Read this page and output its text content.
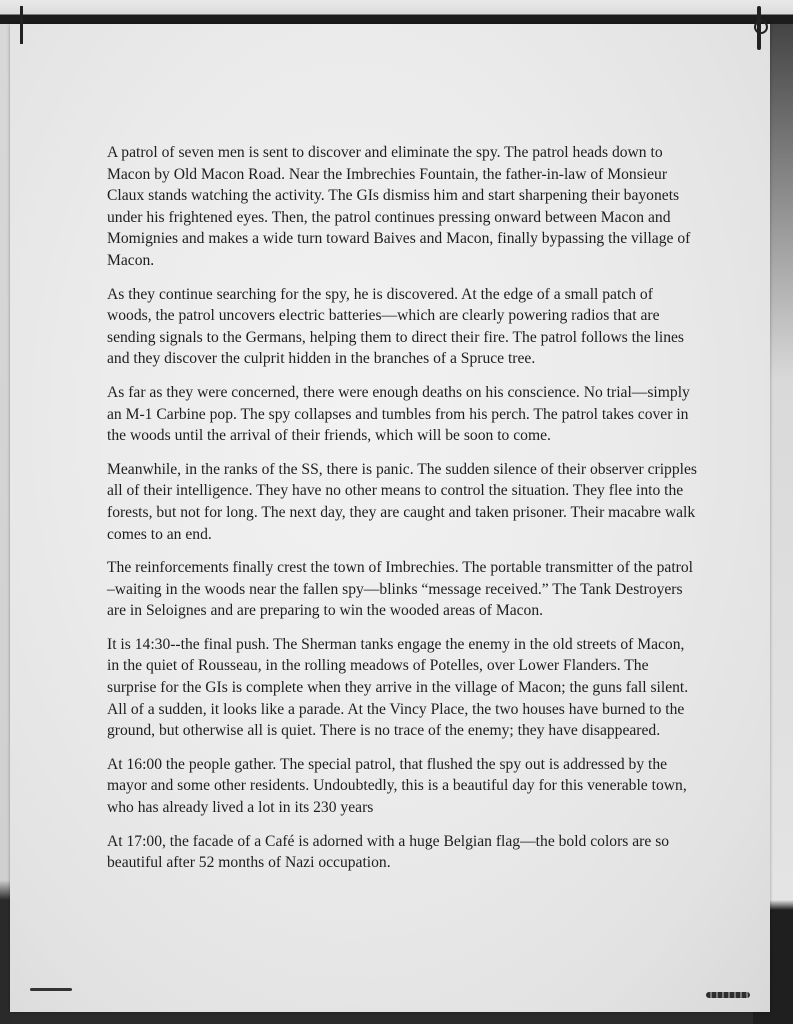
A patrol of seven men is sent to discover and eliminate the spy. The patrol heads down to Macon by Old Macon Road. Near the Imbrechies Fountain, the father-in-law of Monsieur Claux stands watching the activity. The GIs dismiss him and start sharpening their bayonets under his frightened eyes. Then, the patrol continues pressing onward between Macon and Momignies and makes a wide turn toward Baives and Macon, finally bypassing the village of Macon.

As they continue searching for the spy, he is discovered. At the edge of a small patch of woods, the patrol uncovers electric batteries—which are clearly powering radios that are sending signals to the Germans, helping them to direct their fire. The patrol follows the lines and they discover the culprit hidden in the branches of a Spruce tree.

As far as they were concerned, there were enough deaths on his conscience. No trial—simply an M-1 Carbine pop. The spy collapses and tumbles from his perch. The patrol takes cover in the woods until the arrival of their friends, which will be soon to come.

Meanwhile, in the ranks of the SS, there is panic. The sudden silence of their observer cripples all of their intelligence. They have no other means to control the situation. They flee into the forests, but not for long. The next day, they are caught and taken prisoner. Their macabre walk comes to an end.

The reinforcements finally crest the town of Imbrechies. The portable transmitter of the patrol –waiting in the woods near the fallen spy—blinks “message received.” The Tank Destroyers are in Seloignes and are preparing to win the wooded areas of Macon.

It is 14:30--the final push. The Sherman tanks engage the enemy in the old streets of Macon, in the quiet of Rousseau, in the rolling meadows of Potelles, over Lower Flanders. The surprise for the GIs is complete when they arrive in the village of Macon; the guns fall silent. All of a sudden, it looks like a parade. At the Vincy Place, the two houses have burned to the ground, but otherwise all is quiet. There is no trace of the enemy; they have disappeared.

At 16:00 the people gather. The special patrol, that flushed the spy out is addressed by the mayor and some other residents. Undoubtedly, this is a beautiful day for this venerable town, who has already lived a lot in its 230 years

At 17:00, the facade of a Café is adorned with a huge Belgian flag—the bold colors are so beautiful after 52 months of Nazi occupation.
